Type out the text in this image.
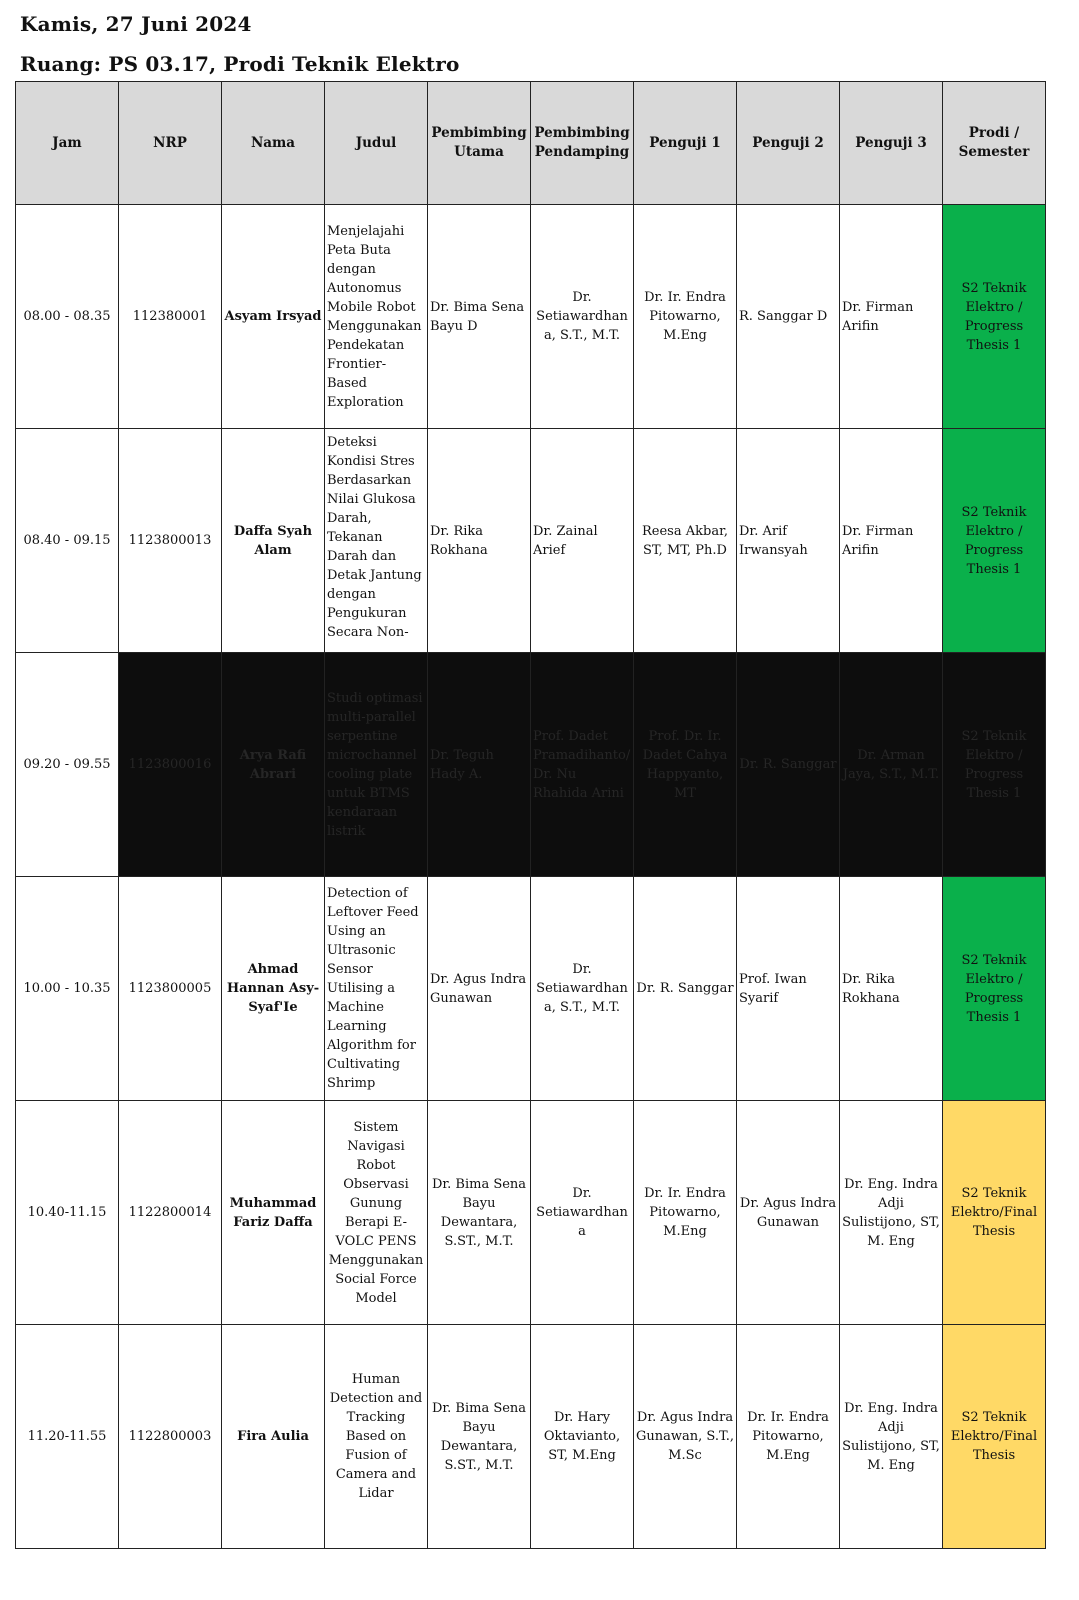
Kamis, 27 Juni 2024
Ruang: PS 03.17, Prodi Teknik Elektro
Jam	NRP	Nama	Judul	Pembimbing Utama	Pembimbing Pendamping	Penguji 1	Penguji 2	Penguji 3	Prodi / Semester
08.00 - 08.35	112380001	Asyam Irsyad	Menjelajahi Peta Buta dengan Autonomus Mobile Robot Menggunakan Pendekatan Frontier-Based Exploration	Dr. Bima Sena Bayu D	Dr. Setiawardhana, S.T., M.T.	Dr. Ir. Endra Pitowarno, M.Eng	R. Sanggar D	Dr. Firman Arifin	S2 Teknik Elektro / Progress Thesis 1
08.40 - 09.15	1123800013	Daffa Syah Alam	Deteksi Kondisi Stres Berdasarkan Nilai Glukosa Darah, Tekanan Darah dan Detak Jantung dengan Pengukuran Secara Non-	Dr. Rika Rokhana	Dr. Zainal Arief	Reesa Akbar, ST, MT, Ph.D	Dr. Arif Irwansyah	Dr. Firman Arifin	S2 Teknik Elektro / Progress Thesis 1
09.20 - 09.55	1123800016	Arya Rafi Abrari	Studi optimasi multi-parallel serpentine microchannel cooling plate untuk BTMS kendaraan listrik	Dr. Teguh Hady A.	Prof. Dadet Pramadihanto/ Dr. Nu Rhahida Arini	Prof. Dr. Ir. Dadet Cahya Happyanto, MT	Dr. R. Sanggar	Dr. Arman Jaya, S.T., M.T.	S2 Teknik Elektro / Progress Thesis 1
10.00 - 10.35	1123800005	Ahmad Hannan Asy-Syaf'Ie	Detection of Leftover Feed Using an Ultrasonic Sensor Utilising a Machine Learning Algorithm for Cultivating Shrimp	Dr. Agus Indra Gunawan	Dr. Setiawardhana, S.T., M.T.	Dr. R. Sanggar	Prof. Iwan Syarif	Dr. Rika Rokhana	S2 Teknik Elektro / Progress Thesis 1
10.40-11.15	1122800014	Muhammad Fariz Daffa	Sistem Navigasi Robot Observasi Gunung Berapi E-VOLC PENS Menggunakan Social Force Model	Dr. Bima Sena Bayu Dewantara, S.ST., M.T.	Dr. Setiawardhana	Dr. Ir. Endra Pitowarno, M.Eng	Dr. Agus Indra Gunawan	Dr. Eng. Indra Adji Sulistijono, ST, M. Eng	S2 Teknik Elektro/Final Thesis
11.20-11.55	1122800003	Fira Aulia	Human Detection and Tracking Based on Fusion of Camera and Lidar	Dr. Bima Sena Bayu Dewantara, S.ST., M.T.	Dr. Hary Oktavianto, ST, M.Eng	Dr. Agus Indra Gunawan, S.T., M.Sc	Dr. Ir. Endra Pitowarno, M.Eng	Dr. Eng. Indra Adji Sulistijono, ST, M. Eng	S2 Teknik Elektro/Final Thesis
